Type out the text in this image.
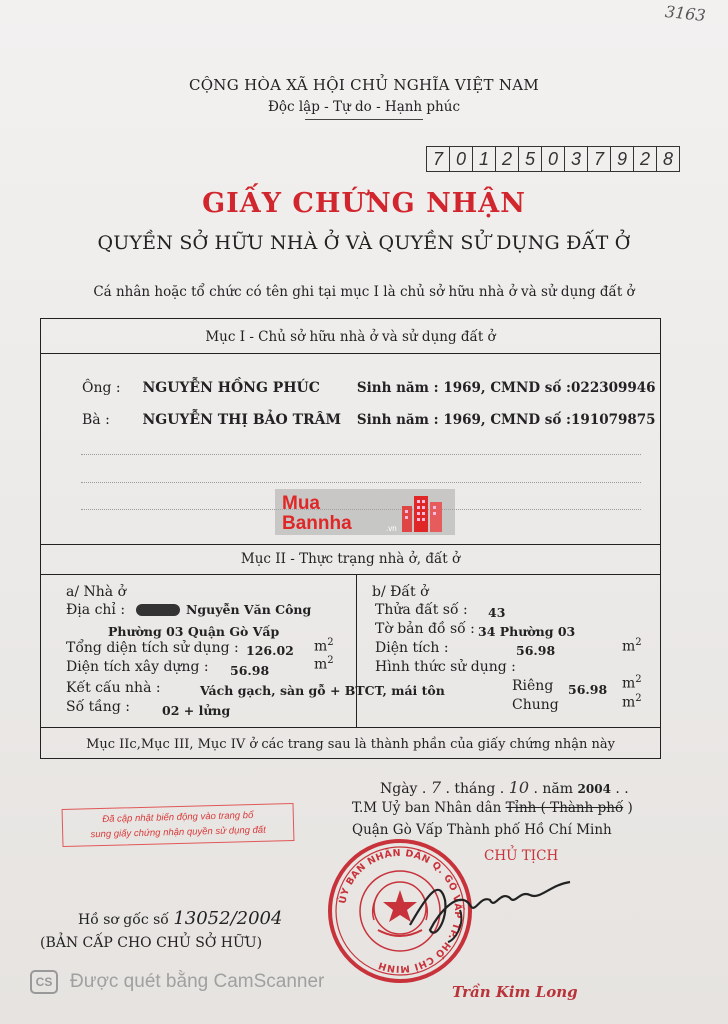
3163
CỘNG HÒA XÃ HỘI CHỦ NGHĨA VIỆT NAM
Độc lập - Tự do - Hạnh phúc
7 0 1 2 5 0 3 7 9 2 8
GIẤY CHỨNG NHẬN
QUYỀN SỞ HỮU NHÀ Ở VÀ QUYỀN SỬ DỤNG ĐẤT Ở
Cá nhân hoặc tổ chức có tên ghi tại mục I là chủ sở hữu nhà ở và sử dụng đất ở
Mục I - Chủ sở hữu nhà ở và sử dụng đất ở
Mục II - Thực trạng nhà ở, đất ở
Mục IIc,Mục III, Mục IV ở các trang sau là thành phần của giấy chứng nhận này
Ông : NGUYỄN HỒNG PHÚC	Sinh năm : 1969, CMND số :022309946
Bà : NGUYỄN THỊ BẢO TRÂM Sinh năm : 1969, CMND số :191079875
Mua
Bannha	.vn
a/ Nhà ở
Địa chỉ :	Nguyễn Văn Công
Phường 03 Quận Gò Vấp
Tổng diện tích sử dụng : 126.02 $m^2$
Diện tích xây dựng : 56.98	$m^2$
Kết cấu nhà :	Vách gạch, sàn gỗ + BTCT, mái tôn
Số tầng :	02 + lửng
b/ Đất ở
Thửa đất số : 43
Tờ bản đồ số : 34 Phường 03
Diện tích :	56.98	$m^2$
Hình thức sử dụng :
Riêng 56.98 $m^2$
Chung	$m^2$
Ngày . 7 . tháng . 10 . năm 2004 . .
T.M Uỷ ban Nhân dân Tỉnh ( Thành phố )
Quận Gò Vấp Thành phố Hồ Chí Minh
CHỦ TỊCH
Đã cập nhật biến động vào trang bổ
sung giấy chứng nhận quyền sử dụng đất
ỦY BAN NHÂN DÂN Q. GÒ VẤP TP. HỒ CHÍ MINH
Trần Kim Long
Hồ sơ gốc số 13052/2004
(BẢN CẤP CHO CHỦ SỞ HỮU)
CS Được quét bằng CamScanner
